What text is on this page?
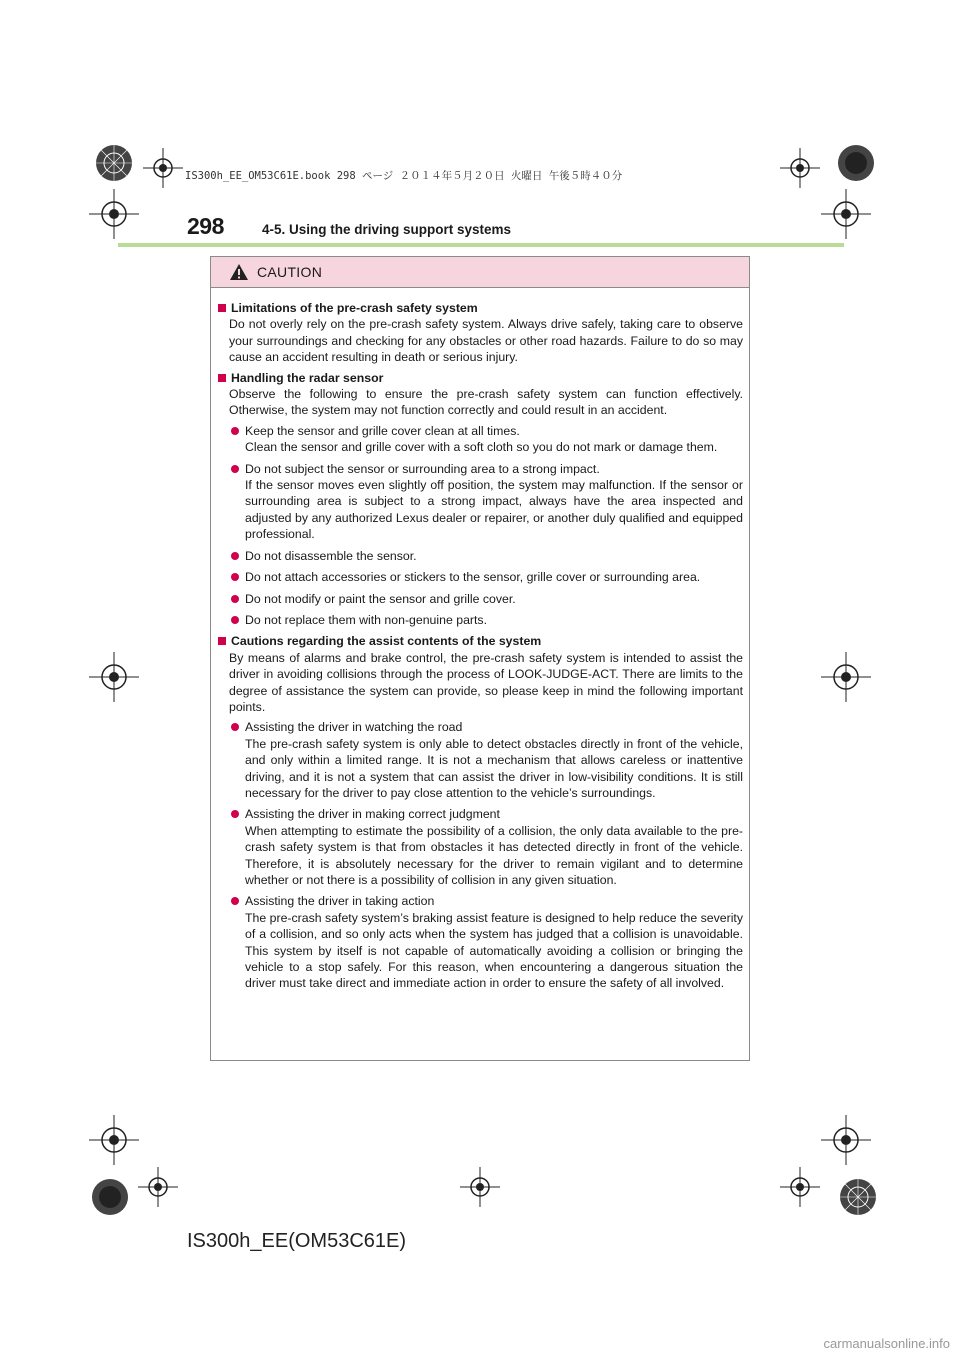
IS300h_EE_OM53C61E.book 298 ページ ２０１４年５月２０日 火曜日 午後５時４０分
298	4-5. Using the driving support systems
CAUTION
Limitations of the pre-crash safety system
Do not overly rely on the pre-crash safety system. Always drive safely, taking care to observe your surroundings and checking for any obstacles or other road hazards. Failure to do so may cause an accident resulting in death or serious injury.
Handling the radar sensor
Observe the following to ensure the pre-crash safety system can function effectively. Otherwise, the system may not function correctly and could result in an accident.
Keep the sensor and grille cover clean at all times.
Clean the sensor and grille cover with a soft cloth so you do not mark or damage them.
Do not subject the sensor or surrounding area to a strong impact.
If the sensor moves even slightly off position, the system may malfunction. If the sensor or surrounding area is subject to a strong impact, always have the area inspected and adjusted by any authorized Lexus dealer or repairer, or another duly qualified and equipped professional.
Do not disassemble the sensor.
Do not attach accessories or stickers to the sensor, grille cover or surrounding area.
Do not modify or paint the sensor and grille cover.
Do not replace them with non-genuine parts.
Cautions regarding the assist contents of the system
By means of alarms and brake control, the pre-crash safety system is intended to assist the driver in avoiding collisions through the process of LOOK-JUDGE-ACT. There are limits to the degree of assistance the system can provide, so please keep in mind the following important points.
Assisting the driver in watching the road
The pre-crash safety system is only able to detect obstacles directly in front of the vehicle, and only within a limited range. It is not a mechanism that allows careless or inattentive driving, and it is not a system that can assist the driver in low-visibility conditions. It is still necessary for the driver to pay close attention to the vehicle’s surroundings.
Assisting the driver in making correct judgment
When attempting to estimate the possibility of a collision, the only data available to the pre-crash safety system is that from obstacles it has detected directly in front of the vehicle. Therefore, it is absolutely necessary for the driver to remain vigilant and to determine whether or not there is a possibility of collision in any given situation.
Assisting the driver in taking action
The pre-crash safety system’s braking assist feature is designed to help reduce the severity of a collision, and so only acts when the system has judged that a collision is unavoidable. This system by itself is not capable of automatically avoiding a collision or bringing the vehicle to a stop safely. For this reason, when encountering a dangerous situation the driver must take direct and immediate action in order to ensure the safety of all involved.
IS300h_EE(OM53C61E)
carmanualsonline.info
